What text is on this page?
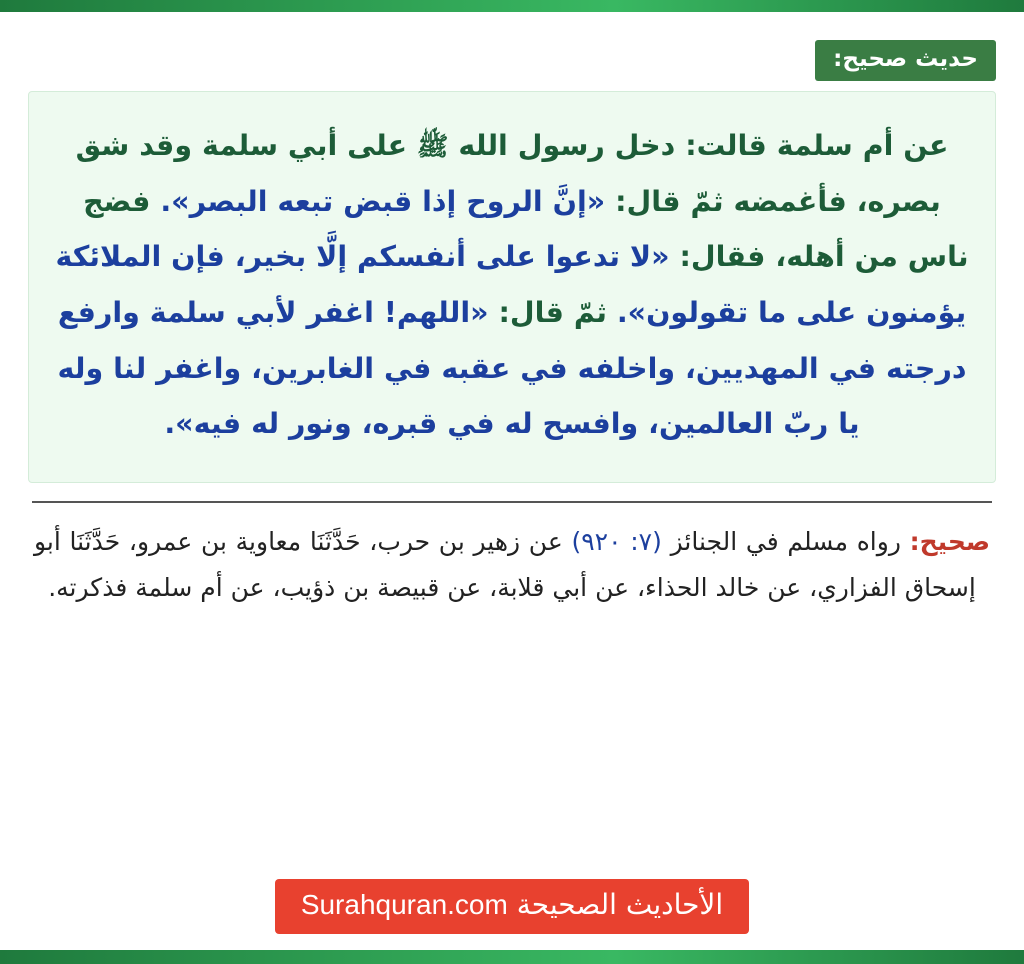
حديث صحيح:
عن أم سلمة قالت: دخل رسول الله ﷺ على أبي سلمة وقد شق بصره، فأغمضه ثمّ قال: «إنَّ الروح إذا قبض تبعه البصر». فضج ناس من أهله، فقال: «لا تدعوا على أنفسكم إلَّا بخير، فإن الملائكة يؤمنون على ما تقولون». ثمّ قال: «اللهم! اغفر لأبي سلمة وارفع درجته في المهديين، واخلفه في عقبه في الغابرين، واغفر لنا وله يا ربّ العالمين، وافسح له في قبره، ونور له فيه».
صحيح: رواه مسلم في الجنائز (٧: ٩٢٠) عن زهير بن حرب، حَدَّثَنَا معاوية بن عمرو، حَدَّثَنَا أبو إسحاق الفزاري، عن خالد الحذاء، عن أبي قلابة، عن قبيصة بن ذؤيب، عن أم سلمة فذكرته.
الأحاديث الصحيحة Surahquran.com
